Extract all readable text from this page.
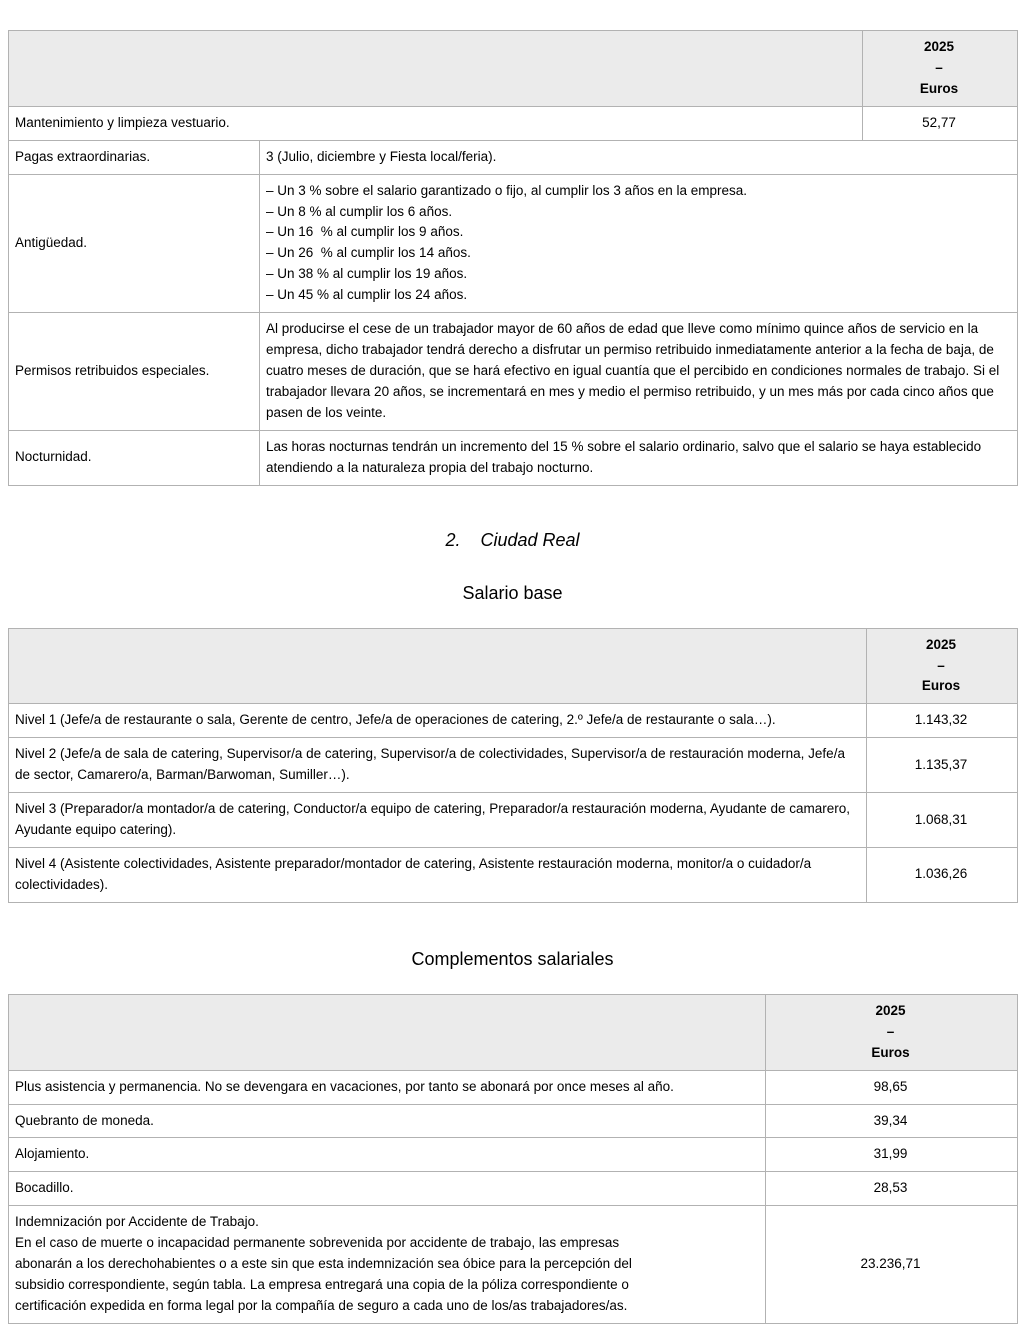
		2025
–
Euros

Mantenimiento y limpieza vestuario.		52,77
Pagas extraordinarias.	3 (Julio, diciembre y Fiesta local/feria).	
Antigüedad.	
– Un 3 % sobre el salario garantizado o fijo, al cumplir los 3 años en la empresa.
– Un 8 % al cumplir los 6 años.
– Un 16  % al cumplir los 9 años.
– Un 26  % al cumplir los 14 años.
– Un 38 % al cumplir los 19 años.
– Un 45 % al cumplir los 24 años.

Permisos retribuidos especiales.	Al producirse el cese de un trabajador mayor de 60 años de edad que lleve como mínimo quince años de servicio en la empresa, dicho trabajador tendrá derecho a disfrutar un permiso retribuido inmediatamente anterior a la fecha de baja, de cuatro meses de duración, que se hará efectivo en igual cuantía que el percibido en condiciones normales de trabajo. Si el trabajador llevara 20 años, se incrementará en mes y medio el permiso retribuido, y un mes más por cada cinco años que pasen de los veinte.	
Nocturnidad.	Las horas nocturnas tendrán un incremento del 15 % sobre el salario ordinario, salvo que el salario se haya establecido atendiendo a la naturaleza propia del trabajo nocturno.	
2. Ciudad Real
Salario base

	2025
–
Euros

Nivel 1 (Jefe/a de restaurante o sala, Gerente de centro, Jefe/a de operaciones de catering, 2.º Jefe/a de restaurante o sala…).	1.143,32
Nivel 2 (Jefe/a de sala de catering, Supervisor/a de catering, Supervisor/a de colectividades, Supervisor/a de restauración moderna, Jefe/a de sector, Camarero/a, Barman/Barwoman, Sumiller…).	1.135,37
Nivel 3 (Preparador/a montador/a de catering, Conductor/a equipo de catering, Preparador/a restauración moderna, Ayudante de camarero, Ayudante equipo catering).	1.068,31
Nivel 4 (Asistente colectividades, Asistente preparador/montador de catering, Asistente restauración moderna, monitor/a o cuidador/a colectividades).	1.036,26
Complementos salariales

	2025
–
Euros

Plus asistencia y permanencia. No se devengara en vacaciones, por tanto se abonará por once meses al año.	98,65
Quebranto de moneda.	39,34
Alojamiento.	31,99
Bocadillo.	28,53

Indemnización por Accidente de Trabajo.
En el caso de muerte o incapacidad permanente sobrevenida por accidente de trabajo, las empresas
abonarán a los derechohabientes o a este sin que esta indemnización sea óbice para la percepción del
subsidio correspondiente, según tabla. La empresa entregará una copia de la póliza correspondiente o
certificación expedida en forma legal por la compañía de seguro a cada uno de los/as trabajadores/as.	23.236,71
